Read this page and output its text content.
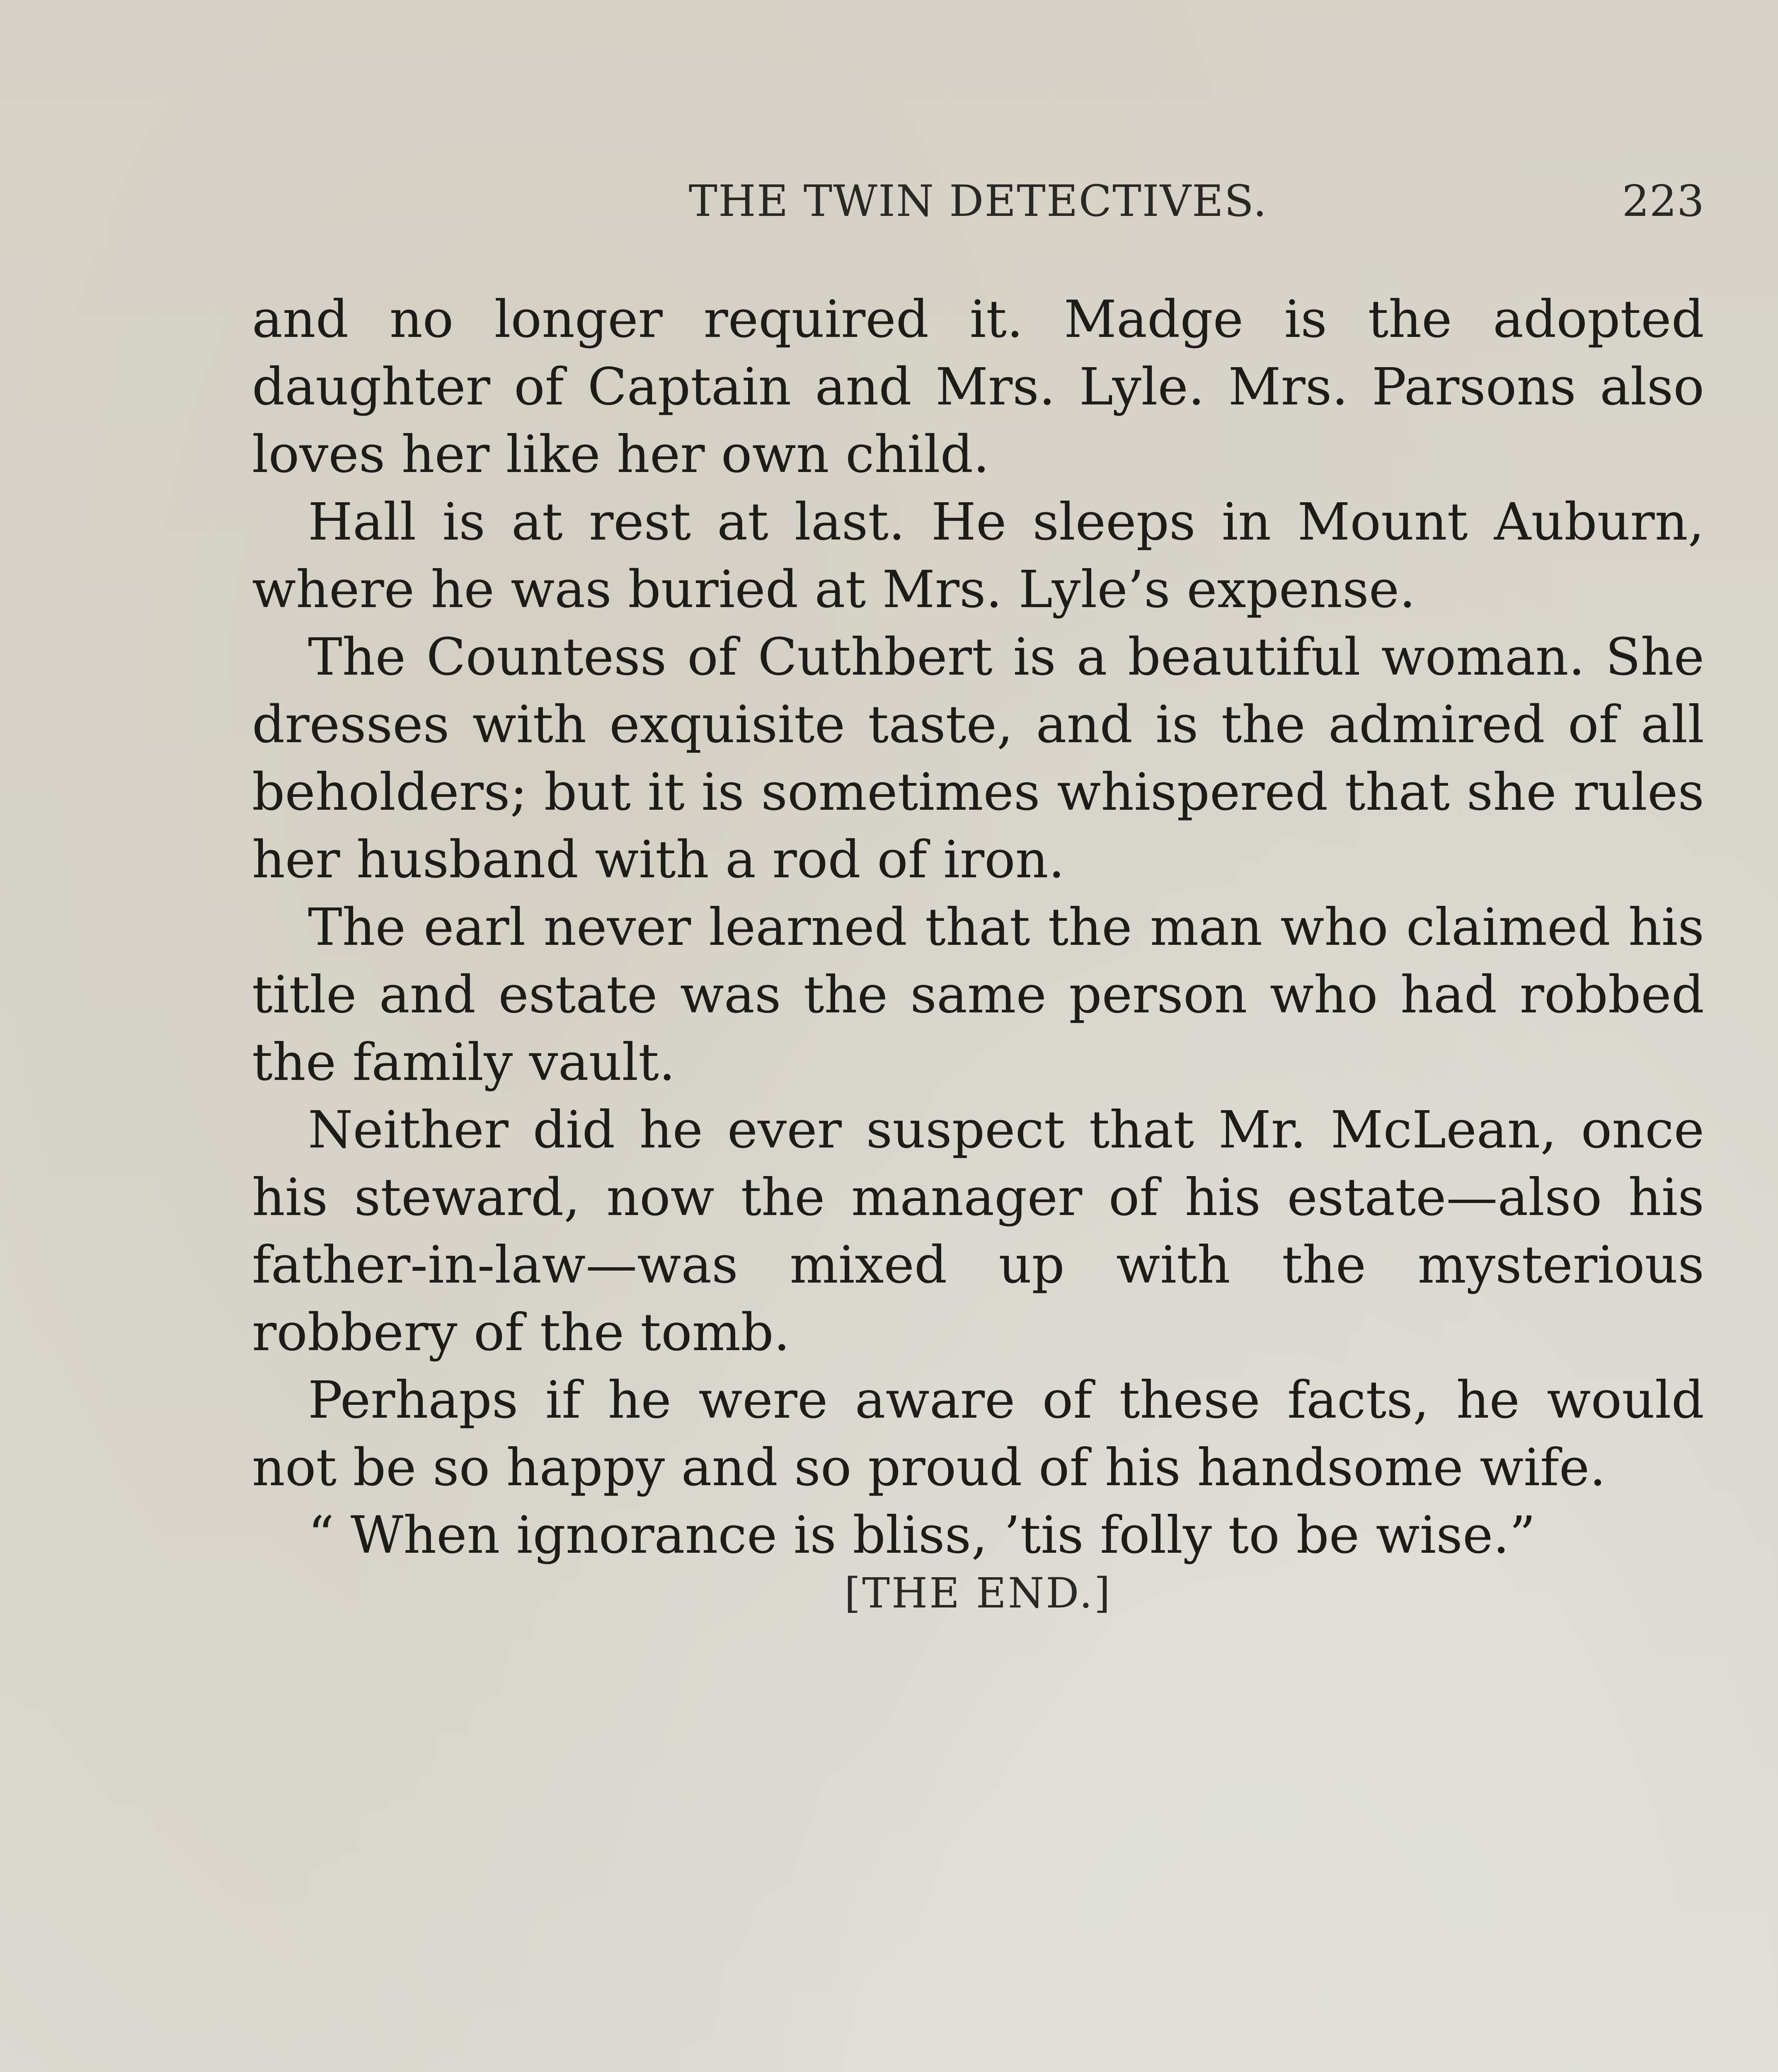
THE TWIN DETECTIVES.	223

and no longer required it. Madge is the adopted daughter of Captain and Mrs. Lyle. Mrs. Parsons also loves her like her own child.

Hall is at rest at last. He sleeps in Mount Auburn, where he was buried at Mrs. Lyle’s expense.

The Countess of Cuthbert is a beautiful woman. She dresses with exquisite taste, and is the admired of all beholders; but it is sometimes whispered that she rules her husband with a rod of iron.

The earl never learned that the man who claimed his title and estate was the same person who had robbed the family vault.

Neither did he ever suspect that Mr. McLean, once his steward, now the manager of his estate—also his father-in-law—was mixed up with the mysterious robbery of the tomb.

Perhaps if he were aware of these facts, he would not be so happy and so proud of his handsome wife.

“ When ignorance is bliss, ’tis folly to be wise.”

[THE END.]
